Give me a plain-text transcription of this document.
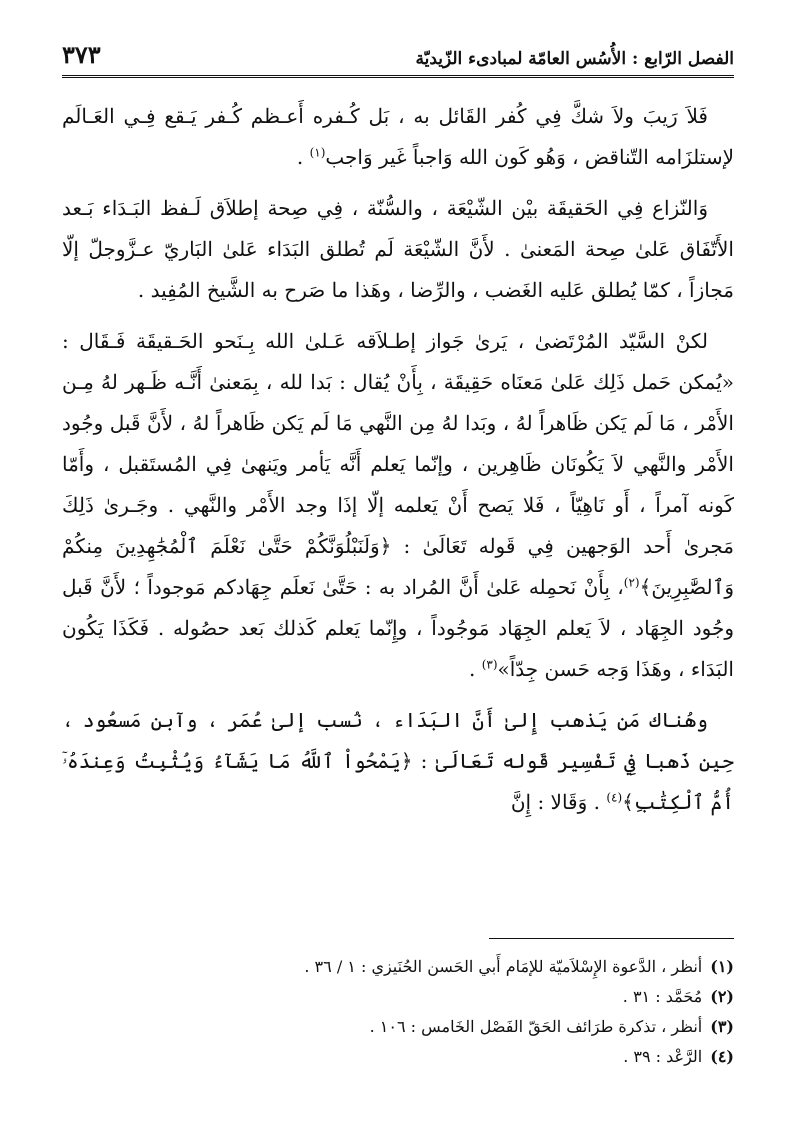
الفصل الرّابع : الأُسُس العامّة لمبادىء الزّيديّة
٣٧٣

فَلاَ رَيبَ ولاَ شكَّ فِي كُفر القَائل به ، بَل كُـفره أَعـظم كُـفر يَـقع فِـي العَـالَم لإستلزَامه التّناقض ، وَهُو كَون الله وَاجباً غَير وَاجب$^{(١)}$ .

وَالنّزاع فِي الحَقيقَة بيْن الشّيْعَة ، والسُّنّة ، فِي صِحة إطلاَق لَـفظ البَـدَاء بَـعد الأَتّفَاق عَلىٰ صِحة المَعنىٰ . لأَنَّ الشّيْعَة لَم تُطلق البَدَاء عَلىٰ البَاريّ عـزَّوجلّ إلّا مَجازاً ، كمّا يُطلق عَليه الغَضب ، والرِّضا ، وهَذا ما صَرح به الشَّيخ المُفِيد .

لكنْ السَّيّد المُرْتَضىٰ ، يَرىٰ جَواز إطـلاَقه عَـلىٰ الله بِـنَحو الحَـقيقَة فَـقَال : «يُمكن حَمل ذَلِك عَلىٰ مَعنَاه حَقِيقَة ، بِأَنْ يُقال : بَدا لله ، بِمَعنىٰ أَنَّـه ظَـهر لهُ مِـن الأَمْر ، مَا لَم يَكن ظَاهراً لهُ ، وبَدا لهُ مِن النَّهي مَا لَم يَكن ظَاهراً لهُ ، لأَنَّ قَبل وجُود الأَمْر والنَّهي لاَ يَكُونَان ظَاهِرين ، وإنّما يَعلم أَنَّه يَأمر ويَنهىٰ فِي المُستَقبل ، وأَمّا كَونه آمراً ، أَو نَاهِيّاً ، فَلا يَصح أَنْ يَعلمه إلّا إذَا وجد الأَمْر والنَّهي . وجَـرىٰ ذَلِكَ مَجرىٰ أَحد الوَجهين فِي قَوله تَعَالَىٰ : ﴿وَلَنَبْلُوَنَّكُمْ حَتَّىٰ نَعْلَمَ ٱلْمُجَٰهِدِينَ مِنكُمْ وَٱلصَّٰبِرِينَ﴾$^{(٢)}$، بِأَنْ نَحمِله عَلىٰ أَنَّ المُراد به : حَتَّىٰ نَعلَم جِهَادكم مَوجوداً ؛ لأَنَّ قَبل وجُود الجِهَاد ، لاَ يَعلم الجِهَاد مَوجُوداً ، وإِنّما يَعلم كَذلك بَعد حصُوله . فَكَذَا يَكُون البَدَاء ، وهَذَا وَجه حَسن جِدّاً»$^{(٣)}$ .

وهُناك مَن يَذهب إِلىٰ أَنَّ البَدَاء ، نُسب إلىٰ عُمَر ، وآبن مَسعُود ، حِين ذَهبا فِي تَفْسِير قَوله تَعَالَىٰ : ﴿يَمْحُواْ ٱللَّهُ مَا يَشَآءُ وَيُثْبِتُ وَعِندَهُۥٓ أُمُّ ٱلْكِتَٰبِ﴾$^{(٤)}$ . وَقَالا : إِنَّ

(١)
أنظر ، الدَّعوة الإِسْلاَميّة للإمَام أَبي الحَسن الحُنَيزي : ١ / ٣٦ .
(٢)
مُحَمَّد : ٣١ .
(٣)
أنظر ، تذكرة طرَائف الحَقّ الفَصْل الخَامس : ١٠٦ .
(٤)
الرَّعْد : ٣٩ .
